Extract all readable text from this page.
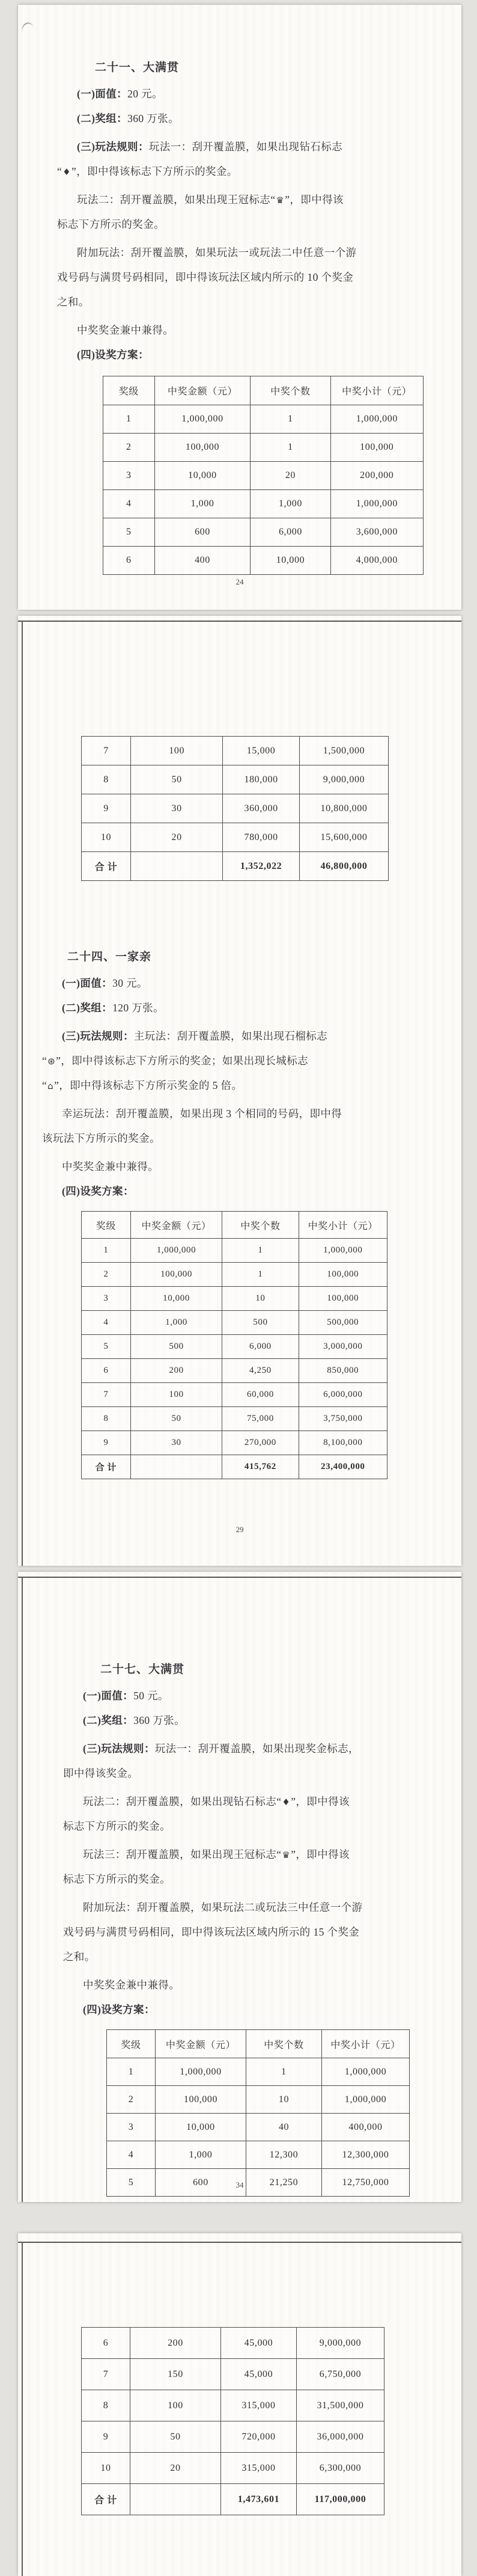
二十一、大满贯

(一)面值：20 元。

(二)奖组：360 万张。

(三)玩法规则：玩法一：刮开覆盖膜，如果出现钻石标志

“♦”，即中得该标志下方所示的奖金。

玩法二：刮开覆盖膜，如果出现王冠标志“♛”，即中得该

标志下方所示的奖金。

附加玩法：刮开覆盖膜，如果玩法一或玩法二中任意一个游

戏号码与满贯号码相同，即中得该玩法区域内所示的 10 个奖金

之和。

中奖奖金兼中兼得。

(四)设奖方案：

奖级	中奖金额（元）	中奖个数	中奖小计（元）
1	1,000,000	1	1,000,000
2	100,000	1	100,000
3	10,000	20	200,000
4	1,000	1,000	1,000,000
5	600	6,000	3,600,000
6	400	10,000	4,000,000
24
7	100	15,000	1,500,000
8	50	180,000	9,000,000
9	30	360,000	10,800,000
10	20	780,000	15,600,000
合 计		1,352,022	46,800,000
二十四、一家亲

(一)面值：30 元。

(二)奖组：120 万张。

(三)玩法规则：主玩法：刮开覆盖膜，如果出现石榴标志

“⊛”，即中得该标志下方所示的奖金；如果出现长城标志

“⌂”，即中得该标志下方所示奖金的 5 倍。

幸运玩法：刮开覆盖膜，如果出现 3 个相同的号码，即中得

该玩法下方所示的奖金。

中奖奖金兼中兼得。

(四)设奖方案：

奖级	中奖金额（元）	中奖个数	中奖小计（元）
1	1,000,000	1	1,000,000
2	100,000	1	100,000
3	10,000	10	100,000
4	1,000	500	500,000
5	500	6,000	3,000,000
6	200	4,250	850,000
7	100	60,000	6,000,000
8	50	75,000	3,750,000
9	30	270,000	8,100,000
合 计		415,762	23,400,000
29
二十七、大满贯

(一)面值：50 元。

(二)奖组：360 万张。

(三)玩法规则：玩法一：刮开覆盖膜，如果出现奖金标志，

即中得该奖金。

玩法二：刮开覆盖膜，如果出现钻石标志“♦”，即中得该

标志下方所示的奖金。

玩法三：刮开覆盖膜，如果出现王冠标志“♛”，即中得该

标志下方所示的奖金。

附加玩法：刮开覆盖膜，如果玩法二或玩法三中任意一个游

戏号码与满贯号码相同，即中得该玩法区域内所示的 15 个奖金

之和。

中奖奖金兼中兼得。

(四)设奖方案：

奖级	中奖金额（元）	中奖个数	中奖小计（元）
1	1,000,000	1	1,000,000
2	100,000	10	1,000,000
3	10,000	40	400,000
4	1,000	12,300	12,300,000
5	600	21,250	12,750,000
34
6	200	45,000	9,000,000
7	150	45,000	6,750,000
8	100	315,000	31,500,000
9	50	720,000	36,000,000
10	20	315,000	6,300,000
合 计		1,473,601	117,000,000
